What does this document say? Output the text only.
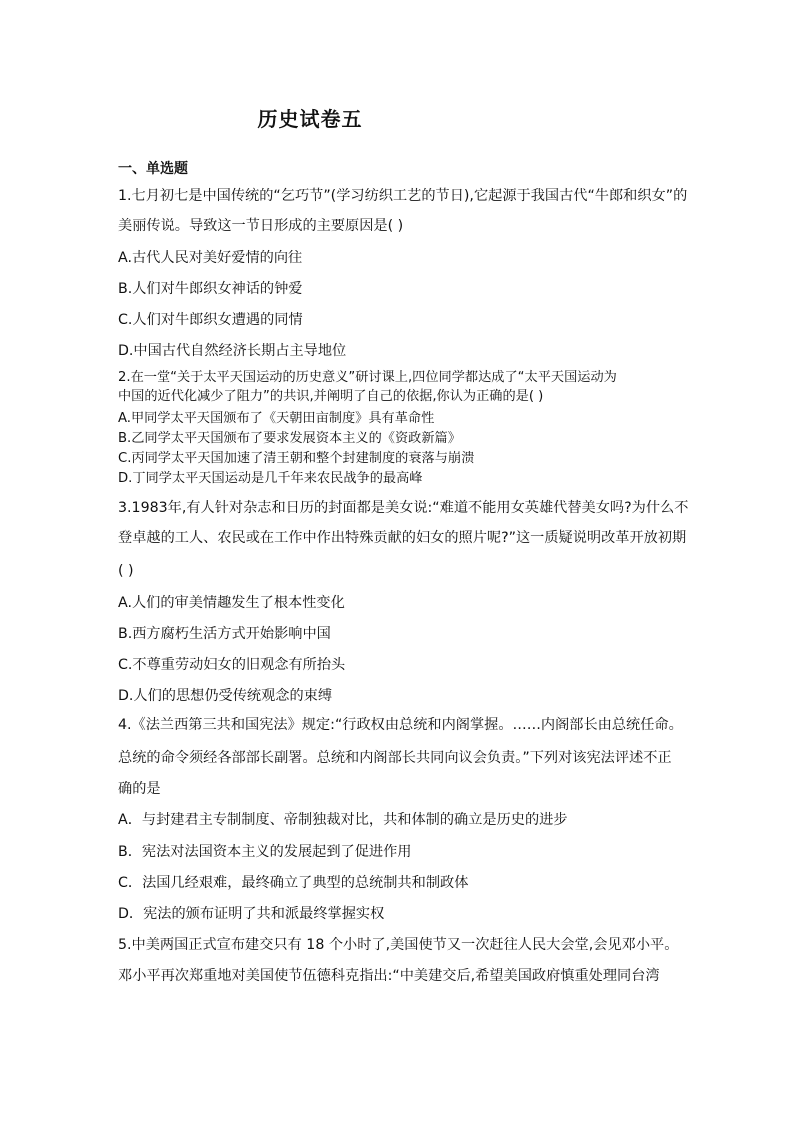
历史试卷五
一、单选题
1.七月初七是中国传统的“乞巧节”(学习纺织工艺的节日),它起源于我国古代“牛郎和织女”的
美丽传说。导致这一节日形成的主要原因是( )
A.古代人民对美好爱情的向往
B.人们对牛郎织女神话的钟爱
C.人们对牛郎织女遭遇的同情
D.中国古代自然经济长期占主导地位
2.在一堂“关于太平天国运动的历史意义”研讨课上,四位同学都达成了“太平天国运动为
中国的近代化减少了阻力”的共识,并阐明了自己的依据,你认为正确的是( )
A.甲同学太平天国颁布了《天朝田亩制度》具有革命性
B.乙同学太平天国颁布了要求发展资本主义的《资政新篇》
C.丙同学太平天国加速了清王朝和整个封建制度的衰落与崩溃
D.丁同学太平天国运动是几千年来农民战争的最高峰
3.1983年,有人针对杂志和日历的封面都是美女说:“难道不能用女英雄代替美女吗?为什么不
登卓越的工人、农民或在工作中作出特殊贡献的妇女的照片呢?”这一质疑说明改革开放初期
( )
A.人们的审美情趣发生了根本性变化
B.西方腐朽生活方式开始影响中国
C.不尊重劳动妇女的旧观念有所抬头
D.人们的思想仍受传统观念的束缚
4.《法兰西第三共和国宪法》规定:“行政权由总统和内阁掌握。……内阁部长由总统任命。
总统的命令须经各部部长副署。总统和内阁部长共同向议会负责。”下列对该宪法评述不正
确的是
A．与封建君主专制制度、帝制独裁对比，共和体制的确立是历史的进步
B．宪法对法国资本主义的发展起到了促进作用
C．法国几经艰难，最终确立了典型的总统制共和制政体
D．宪法的颁布证明了共和派最终掌握实权
5.中美两国正式宣布建交只有 18 个小时了,美国使节又一次赶往人民大会堂,会见邓小平。
邓小平再次郑重地对美国使节伍德科克指出:“中美建交后,希望美国政府慎重处理同台湾
